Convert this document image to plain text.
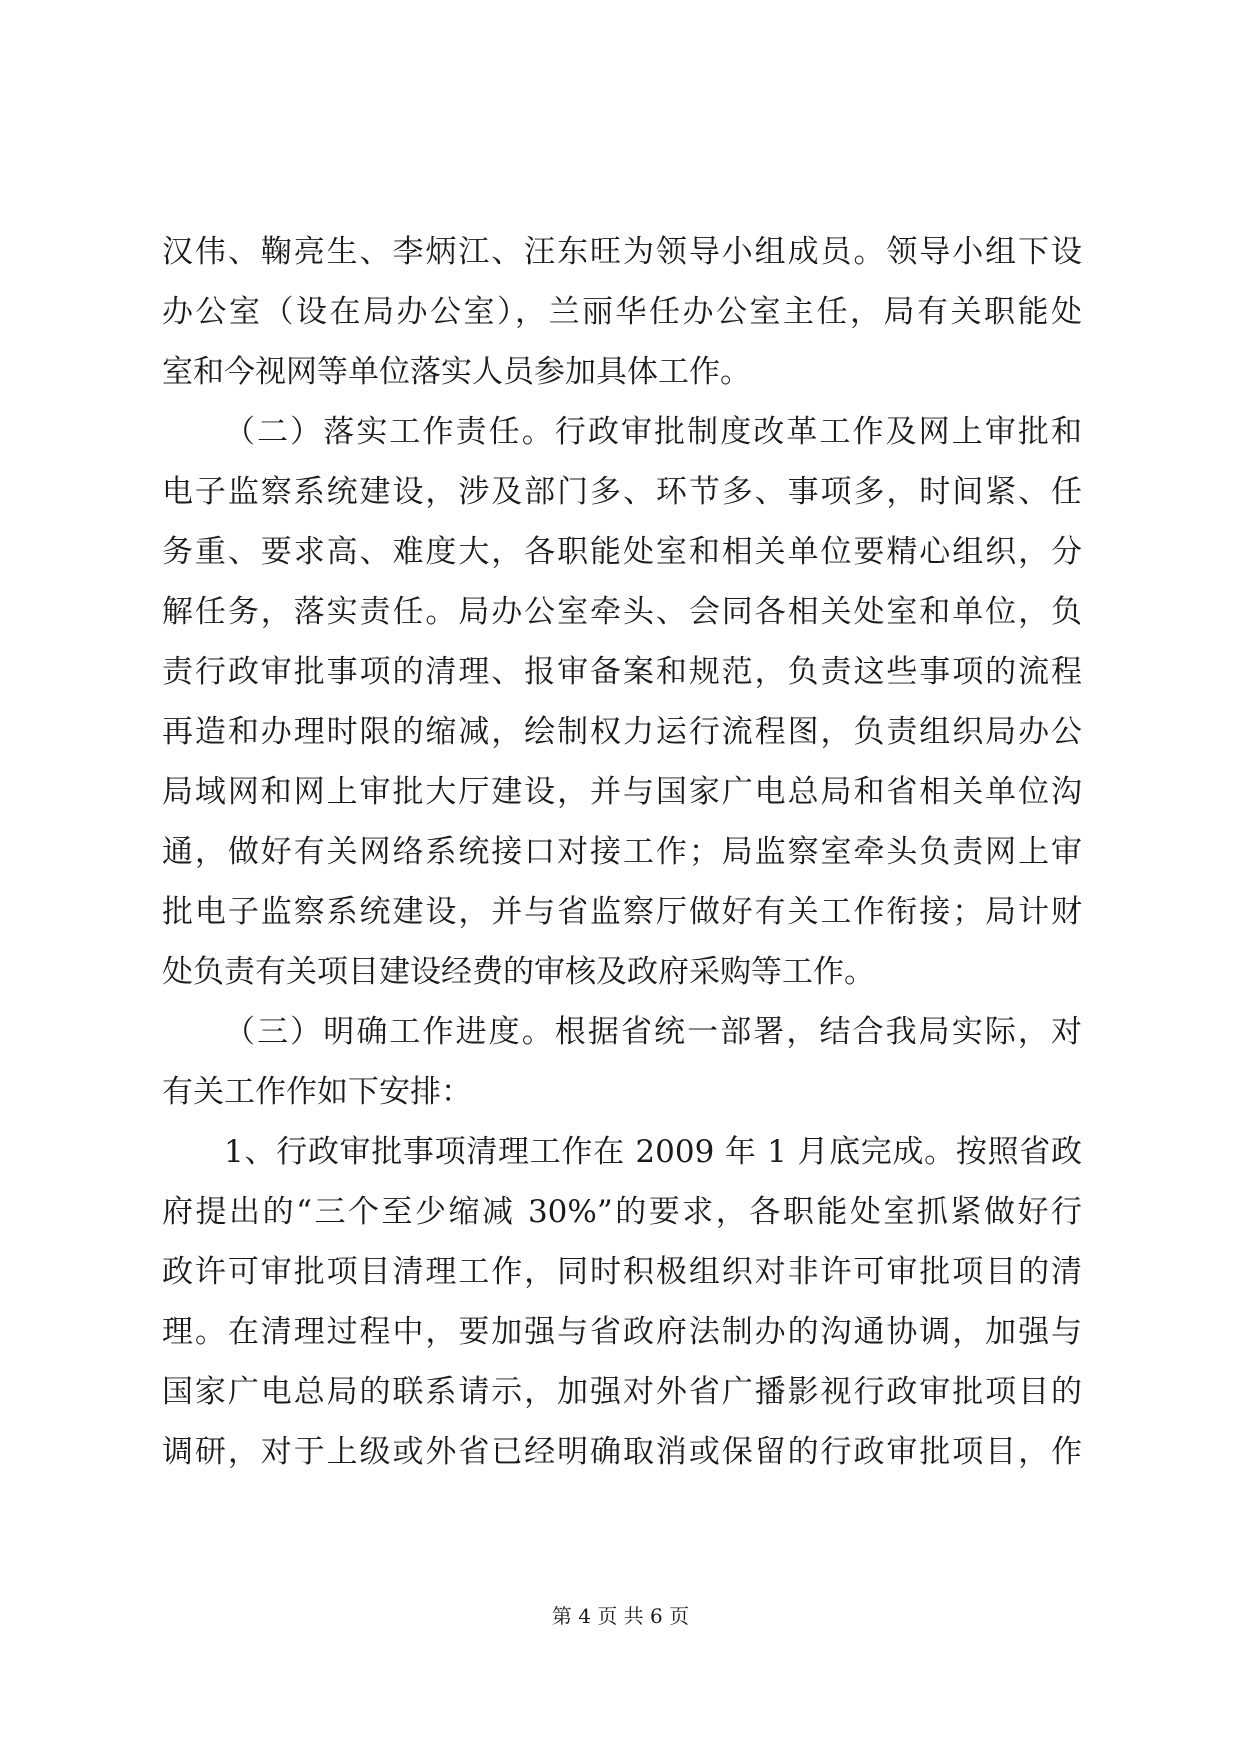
汉伟、鞠亮生、李炳江、汪东旺为领导小组成员。领导小组下设
办公室（设在局办公室），兰丽华任办公室主任，局有关职能处
室和今视网等单位落实人员参加具体工作。
（二）落实工作责任。行政审批制度改革工作及网上审批和
电子监察系统建设，涉及部门多、环节多、事项多，时间紧、任
务重、要求高、难度大，各职能处室和相关单位要精心组织，分
解任务，落实责任。局办公室牵头、会同各相关处室和单位，负
责行政审批事项的清理、报审备案和规范，负责这些事项的流程
再造和办理时限的缩减，绘制权力运行流程图，负责组织局办公
局域网和网上审批大厅建设，并与国家广电总局和省相关单位沟
通，做好有关网络系统接口对接工作；局监察室牵头负责网上审
批电子监察系统建设，并与省监察厅做好有关工作衔接；局计财
处负责有关项目建设经费的审核及政府采购等工作。
（三）明确工作进度。根据省统一部署，结合我局实际，对
有关工作作如下安排：
1、行政审批事项清理工作在 2009 年 1 月底完成。按照省政
府提出的“三个至少缩减 30%”的要求，各职能处室抓紧做好行
政许可审批项目清理工作，同时积极组织对非许可审批项目的清
理。在清理过程中，要加强与省政府法制办的沟通协调，加强与
国家广电总局的联系请示，加强对外省广播影视行政审批项目的
调研，对于上级或外省已经明确取消或保留的行政审批项目，作
第 4 页 共 6 页
